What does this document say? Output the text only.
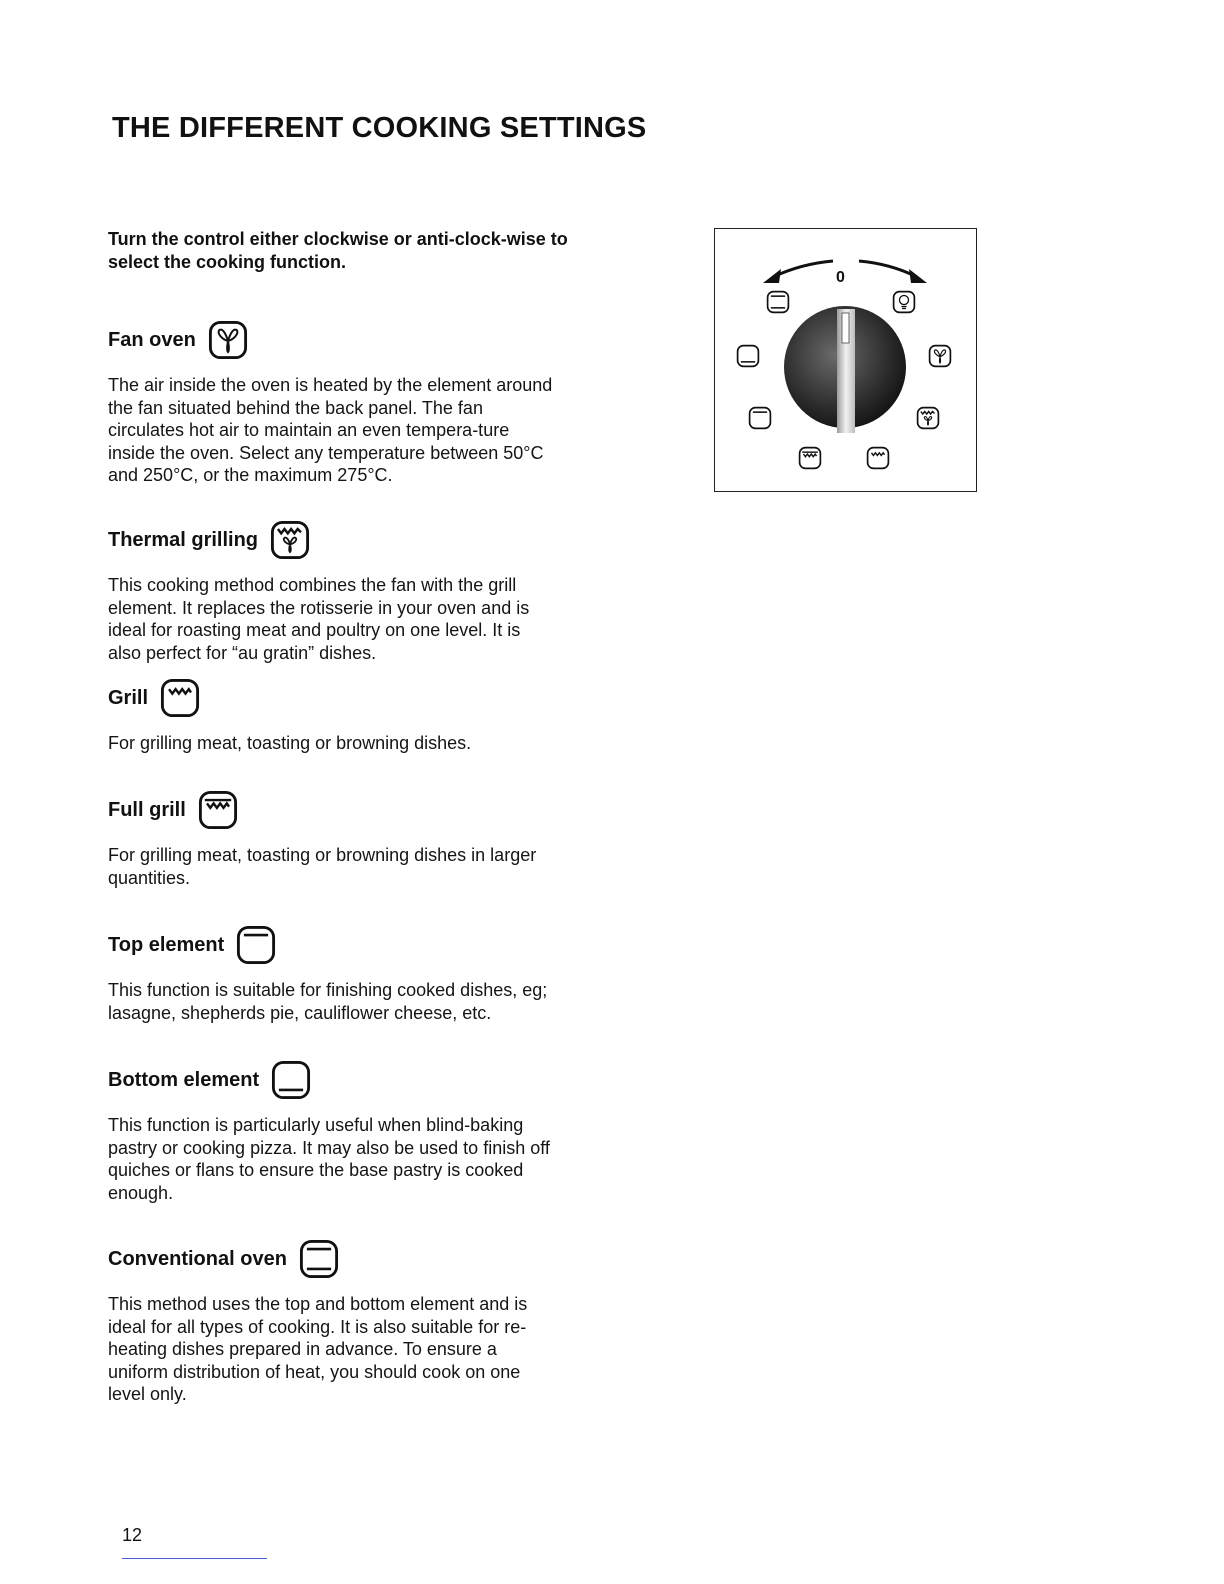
THE DIFFERENT COOKING SETTINGS

Turn the control either clockwise or anti-clock-wise to select the cooking function.

Fan oven

The air inside the oven is heated by the element around the fan situated behind the back panel. The fan circulates hot air to maintain an even tempera-ture inside the oven. Select any temperature between 50°C and 250°C, or the maximum 275°C.

Thermal grilling

This cooking method combines the fan with the grill element. It replaces the rotisserie in your oven and is ideal for roasting meat and poultry on one level. It is also perfect for “au gratin” dishes.

Grill

For grilling meat, toasting or browning dishes.

Full grill

For grilling meat, toasting or browning dishes in larger quantities.

Top element

This function is suitable for finishing cooked dishes, eg; lasagne, shepherds pie, cauliflower cheese, etc.

Bottom element

This function is particularly useful when blind-baking pastry or cooking pizza. It may also be used to finish off quiches or flans to ensure the base pastry is cooked enough.

Conventional oven

This method uses the top and bottom element and is ideal for all types of cooking. It is also suitable for re-heating dishes prepared in advance. To ensure a uniform distribution of heat, you should cook on one level only.

0
12
